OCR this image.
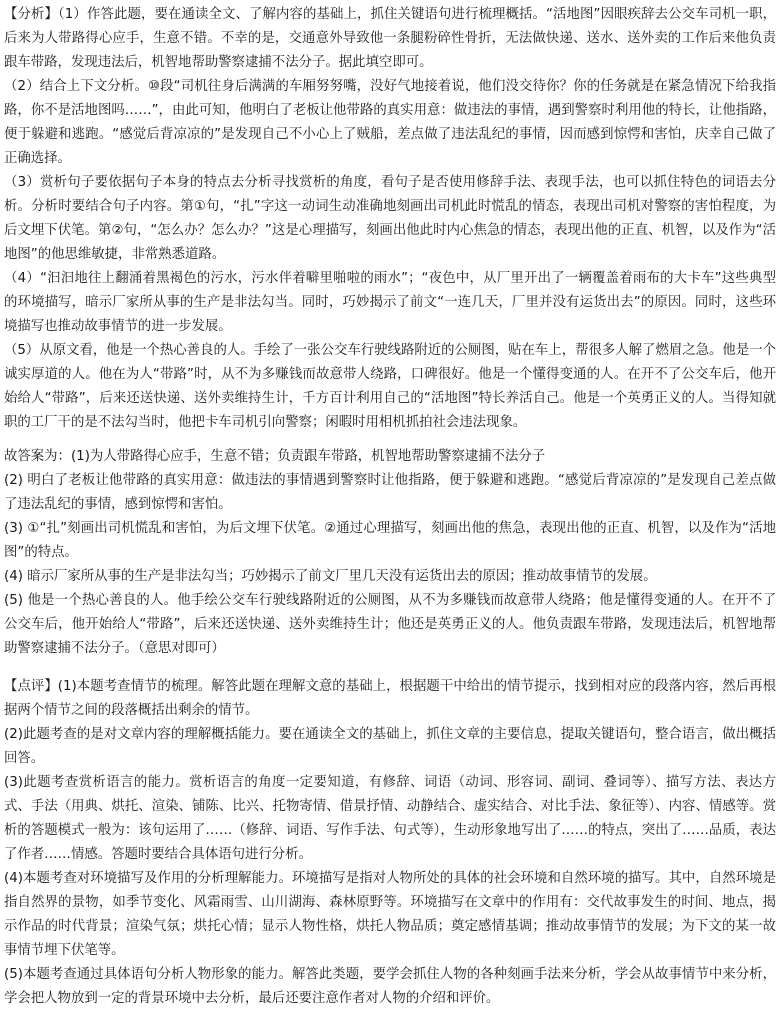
【分析】（1）作答此题，要在通读全文、了解内容的基础上，抓住关键语句进行梳理概括。“活地图”因眼疾辞去公交车司机一职，后来为人带路得心应手，生意不错。不幸的是，交通意外导致他一条腿粉碎性骨折，无法做快递、送水、送外卖的工作后来他负责跟车带路，发现违法后，机智地帮助警察逮捕不法分子。据此填空即可。

（2）结合上下文分析。⑩段“司机往身后满满的车厢努努嘴，没好气地接着说，他们没交待你？你的任务就是在紧急情况下给我指路，你不是活地图吗……”，由此可知，他明白了老板让他带路的真实用意：做违法的事情，遇到警察时利用他的特长，让他指路，便于躲避和逃跑。“感觉后背凉凉的”是发现自己不小心上了贼船，差点做了违法乱纪的事情，因而感到惊愕和害怕，庆幸自己做了正确选择。

（3）赏析句子要依据句子本身的特点去分析寻找赏析的角度，看句子是否使用修辞手法、表现手法，也可以抓住特色的词语去分析。分析时要结合句子内容。第①句，“扎”字这一动词生动准确地刻画出司机此时慌乱的情态，表现出司机对警察的害怕程度，为后文埋下伏笔。第②句，“怎么办？怎么办？”这是心理描写，刻画出他此时内心焦急的情态，表现出他的正直、机智，以及作为“活地图”的他思维敏捷，非常熟悉道路。

（4）“汩汩地往上翻涌着黑褐色的污水，污水伴着噼里啪啦的雨水”；“夜色中，从厂里开出了一辆覆盖着雨布的大卡车”这些典型的环境描写，暗示厂家所从事的生产是非法勾当。同时，巧妙揭示了前文“一连几天，厂里并没有运货出去”的原因。同时，这些环境描写也推动故事情节的进一步发展。

（5）从原文看，他是一个热心善良的人。手绘了一张公交车行驶线路附近的公厕图，贴在车上，帮很多人解了燃眉之急。他是一个诚实厚道的人。他在为人“带路”时，从不为多赚钱而故意带人绕路，口碑很好。他是一个懂得变通的人。在开不了公交车后，他开始给人“带路”，后来还送快递、送外卖维持生计，千方百计利用自己的“活地图”特长养活自己。他是一个英勇正义的人。当得知就职的工厂干的是不法勾当时，他把卡车司机引向警察；闲暇时用相机抓拍社会违法现象。

故答案为：(1)为人带路得心应手，生意不错；负责跟车带路，机智地帮助警察逮捕不法分子

(2) 明白了老板让他带路的真实用意：做违法的事情遇到警察时让他指路，便于躲避和逃跑。“感觉后背凉凉的”是发现自己差点做了违法乱纪的事情，感到惊愕和害怕。

(3) ①“扎”刻画出司机慌乱和害怕，为后文埋下伏笔。②通过心理描写，刻画出他的焦急，表现出他的正直、机智，以及作为“活地图”的特点。

(4) 暗示厂家所从事的生产是非法勾当；巧妙揭示了前文厂里几天没有运货出去的原因；推动故事情节的发展。

(5) 他是一个热心善良的人。他手绘公交车行驶线路附近的公厕图，从不为多赚钱而故意带人绕路；他是懂得变通的人。在开不了公交车后，他开始给人“带路”，后来还送快递、送外卖维持生计；他还是英勇正义的人。他负责跟车带路，发现违法后，机智地帮助警察逮捕不法分子。（意思对即可）

【点评】(1)本题考查情节的梳理。解答此题在理解文意的基础上，根据题干中给出的情节提示，找到相对应的段落内容，然后再根据两个情节之间的段落概括出剩余的情节。

(2)此题考查的是对文章内容的理解概括能力。要在通读全文的基础上，抓住文章的主要信息，提取关键语句，整合语言，做出概括回答。

(3)此题考查赏析语言的能力。赏析语言的角度一定要知道，有修辞、词语（动词、形容词、副词、叠词等）、描写方法、表达方式、手法（用典、烘托、渲染、铺陈、比兴、托物寄情、借景抒情、动静结合、虚实结合、对比手法、象征等）、内容、情感等。赏析的答题模式一般为：该句运用了……（修辞、词语、写作手法、句式等），生动形象地写出了……的特点，突出了……品质，表达了作者……情感。答题时要结合具体语句进行分析。

(4)本题考查对环境描写及作用的分析理解能力。环境描写是指对人物所处的具体的社会环境和自然环境的描写。其中，自然环境是指自然界的景物，如季节变化、风霜雨雪、山川湖海、森林原野等。环境描写在文章中的作用有：交代故事发生的时间、地点，揭示作品的时代背景；渲染气氛；烘托心情；显示人物性格，烘托人物品质；奠定感情基调；推动故事情节的发展；为下文的某一故事情节埋下伏笔等。

(5)本题考查通过具体语句分析人物形象的能力。解答此类题，要学会抓住人物的各种刻画手法来分析，学会从故事情节中来分析，学会把人物放到一定的背景环境中去分析，最后还要注意作者对人物的介绍和评价。
